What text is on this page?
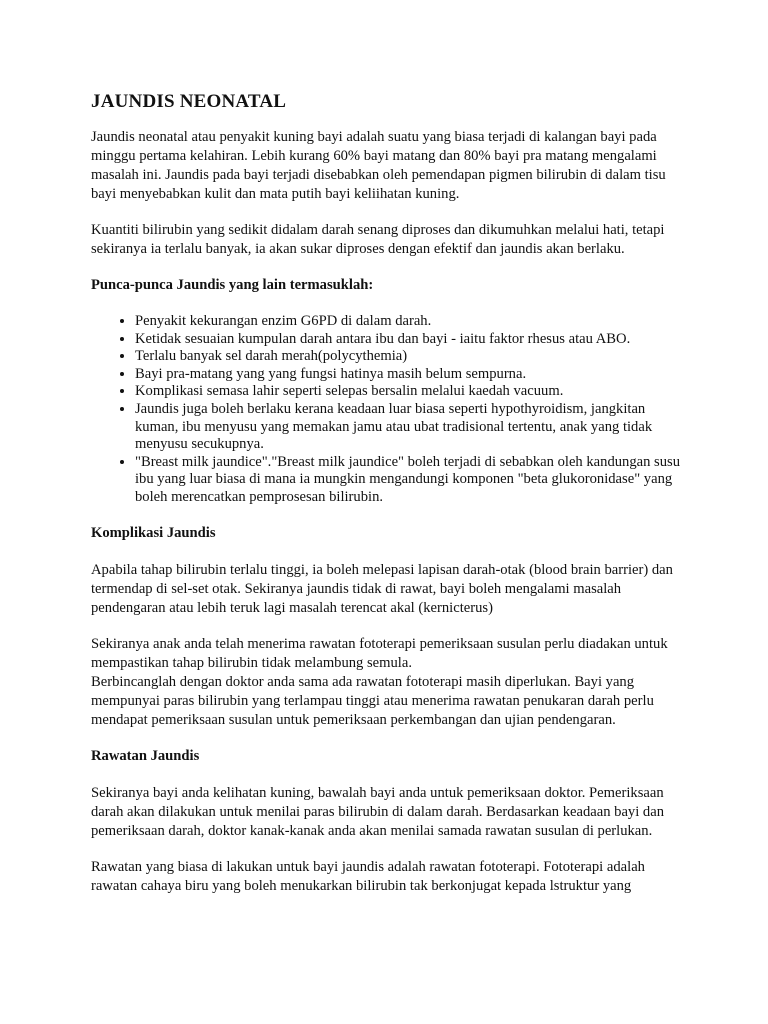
JAUNDIS NEONATAL

Jaundis neonatal atau penyakit kuning bayi adalah suatu yang biasa terjadi di kalangan bayi pada minggu pertama kelahiran. Lebih kurang 60% bayi matang dan 80% bayi pra matang mengalami masalah ini. Jaundis pada bayi terjadi disebabkan oleh pemendapan pigmen bilirubin di dalam tisu bayi menyebabkan kulit dan mata putih bayi keliihatan kuning.

Kuantiti bilirubin yang sedikit didalam darah senang diproses dan dikumuhkan melalui hati, tetapi sekiranya ia terlalu banyak, ia akan sukar diproses dengan efektif dan jaundis akan berlaku.

Punca-punca Jaundis yang lain termasuklah:
• Penyakit kekurangan enzim G6PD di dalam darah.
• Ketidak sesuaian kumpulan darah antara ibu dan bayi - iaitu faktor rhesus atau ABO.
• Terlalu banyak sel darah merah(polycythemia)
• Bayi pra-matang yang yang fungsi hatinya masih belum sempurna.
• Komplikasi semasa lahir seperti selepas bersalin melalui kaedah vacuum.
• Jaundis juga boleh berlaku kerana keadaan luar biasa seperti hypothyroidism, jangkitan kuman, ibu menyusu yang memakan jamu atau ubat tradisional tertentu, anak yang tidak menyusu secukupnya.
• "Breast milk jaundice"."Breast milk jaundice" boleh terjadi di sebabkan oleh kandungan susu ibu yang luar biasa di mana ia mungkin mengandungi komponen "beta glukoronidase" yang boleh merencatkan pemprosesan bilirubin.
Komplikasi Jaundis

Apabila tahap bilirubin terlalu tinggi, ia boleh melepasi lapisan darah-otak (blood brain barrier) dan termendap di sel-set otak. Sekiranya jaundis tidak di rawat, bayi boleh mengalami masalah pendengaran atau lebih teruk lagi masalah terencat akal (kernicterus)

Sekiranya anak anda telah menerima rawatan fototerapi pemeriksaan susulan perlu diadakan untuk mempastikan tahap bilirubin tidak melambung semula.

Berbincanglah dengan doktor anda sama ada rawatan fototerapi masih diperlukan. Bayi yang mempunyai paras bilirubin yang terlampau tinggi atau menerima rawatan penukaran darah perlu mendapat pemeriksaan susulan untuk pemeriksaan perkembangan dan ujian pendengaran.

Rawatan Jaundis

Sekiranya bayi anda kelihatan kuning, bawalah bayi anda untuk pemeriksaan doktor. Pemeriksaan darah akan dilakukan untuk menilai paras bilirubin di dalam darah. Berdasarkan keadaan bayi dan pemeriksaan darah, doktor kanak-kanak anda akan menilai samada rawatan susulan di perlukan.

Rawatan yang biasa di lakukan untuk bayi jaundis adalah rawatan fototerapi. Fototerapi adalah rawatan cahaya biru yang boleh menukarkan bilirubin tak berkonjugat kepada lstruktur yang
